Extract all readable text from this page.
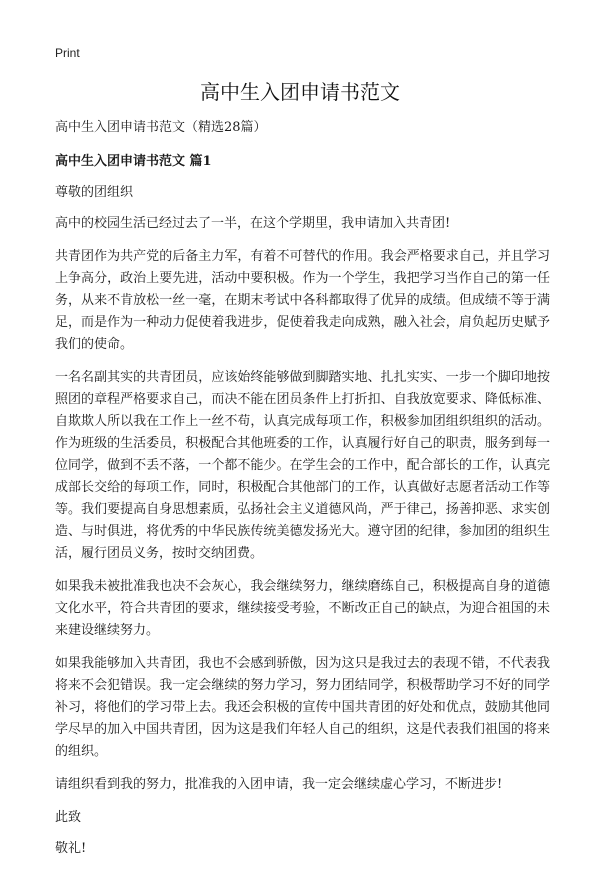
Print
高中生入团申请书范文

高中生入团申请书范文（精选28篇）

高中生入团申请书范文 篇1

尊敬的团组织

高中的校园生活已经过去了一半，在这个学期里，我申请加入共青团!

共青团作为共产党的后备主力军，有着不可替代的作用。我会严格要求自己，并且学习上争高分，政治上要先进，活动中要积极。作为一个学生，我把学习当作自己的第一任务，从来不肯放松一丝一毫，在期末考试中各科都取得了优异的成绩。但成绩不等于满足，而是作为一种动力促使着我进步，促使着我走向成熟，融入社会，肩负起历史赋予我们的使命。

一名名副其实的共青团员，应该始终能够做到脚踏实地、扎扎实实、一步一个脚印地按照团的章程严格要求自己，而决不能在团员条件上打折扣、自我放宽要求、降低标准、自欺欺人所以我在工作上一丝不苟，认真完成每项工作，积极参加团组织组织的活动。作为班级的生活委员，积极配合其他班委的工作，认真履行好自己的职责，服务到每一位同学，做到不丢不落，一个都不能少。在学生会的工作中，配合部长的工作，认真完成部长交给的每项工作，同时，积极配合其他部门的工作，认真做好志愿者活动工作等等。我们要提高自身思想素质，弘扬社会主义道德风尚，严于律己，扬善抑恶、求实创造、与时俱进，将优秀的中华民族传统美德发扬光大。遵守团的纪律，参加团的组织生活，履行团员义务，按时交纳团费。

如果我未被批准我也决不会灰心，我会继续努力，继续磨练自己，积极提高自身的道德文化水平，符合共青团的要求，继续接受考验，不断改正自己的缺点，为迎合祖国的未来建设继续努力。

如果我能够加入共青团，我也不会感到骄傲，因为这只是我过去的表现不错，不代表我将来不会犯错误。我一定会继续的努力学习，努力团结同学，积极帮助学习不好的同学补习，将他们的学习带上去。我还会积极的宣传中国共青团的好处和优点，鼓励其他同学尽早的加入中国共青团，因为这是我们年轻人自己的组织，这是代表我们祖国的将来的组织。

请组织看到我的努力，批准我的入团申请，我一定会继续虚心学习，不断进步!

此致

敬礼!
